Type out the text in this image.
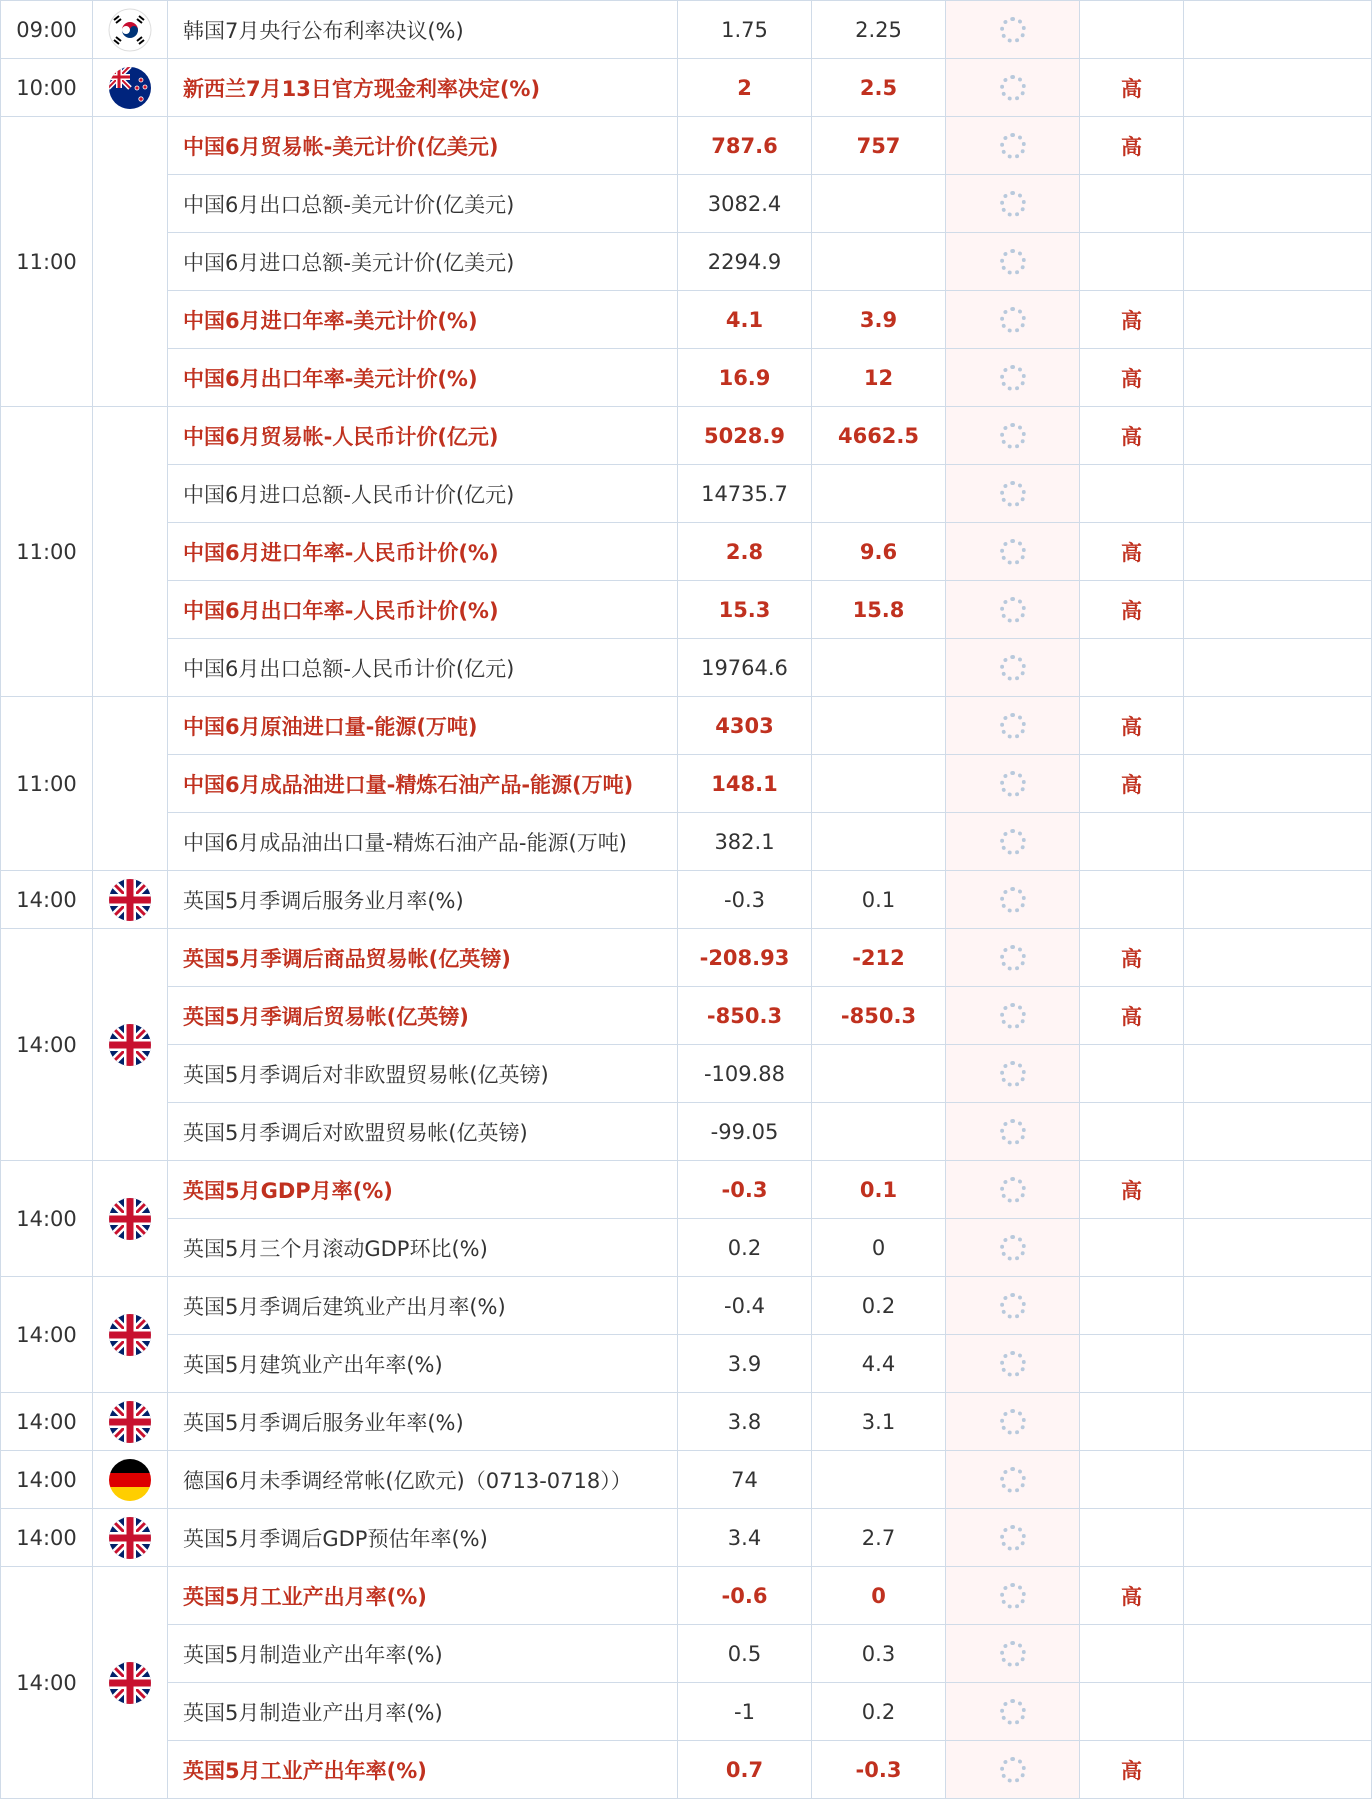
09:00		韩国7月央行公布利率决议(%)	1.75	2.25			
10:00		新西兰7月13日官方现金利率决定(%)	2	2.5		高	
11:00		中国6月贸易帐-美元计价(亿美元)	787.6	757		高	
		中国6月出口总额-美元计价(亿美元)	3082.4				
		中国6月进口总额-美元计价(亿美元)	2294.9				
		中国6月进口年率-美元计价(%)	4.1	3.9		高	
		中国6月出口年率-美元计价(%)	16.9	12		高	
11:00		中国6月贸易帐-人民币计价(亿元)	5028.9	4662.5		高	
		中国6月进口总额-人民币计价(亿元)	14735.7				
		中国6月进口年率-人民币计价(%)	2.8	9.6		高	
		中国6月出口年率-人民币计价(%)	15.3	15.8		高	
		中国6月出口总额-人民币计价(亿元)	19764.6				
11:00		中国6月原油进口量-能源(万吨)	4303			高	
		中国6月成品油进口量-精炼石油产品-能源(万吨)	148.1			高	
		中国6月成品油出口量-精炼石油产品-能源(万吨)	382.1				
14:00		英国5月季调后服务业月率(%)	-0.3	0.1			
14:00		英国5月季调后商品贸易帐(亿英镑)	-208.93	-212		高	
		英国5月季调后贸易帐(亿英镑)	-850.3	-850.3		高	
		英国5月季调后对非欧盟贸易帐(亿英镑)	-109.88				
		英国5月季调后对欧盟贸易帐(亿英镑)	-99.05				
14:00		英国5月GDP月率(%)	-0.3	0.1		高	
		英国5月三个月滚动GDP环比(%)	0.2	0			
14:00		英国5月季调后建筑业产出月率(%)	-0.4	0.2			
		英国5月建筑业产出年率(%)	3.9	4.4			
14:00		英国5月季调后服务业年率(%)	3.8	3.1			
14:00		德国6月未季调经常帐(亿欧元)（0713-0718））	74				
14:00		英国5月季调后GDP预估年率(%)	3.4	2.7			
14:00		英国5月工业产出月率(%)	-0.6	0		高	
		英国5月制造业产出年率(%)	0.5	0.3			
		英国5月制造业产出月率(%)	-1	0.2			
		英国5月工业产出年率(%)	0.7	-0.3		高	
